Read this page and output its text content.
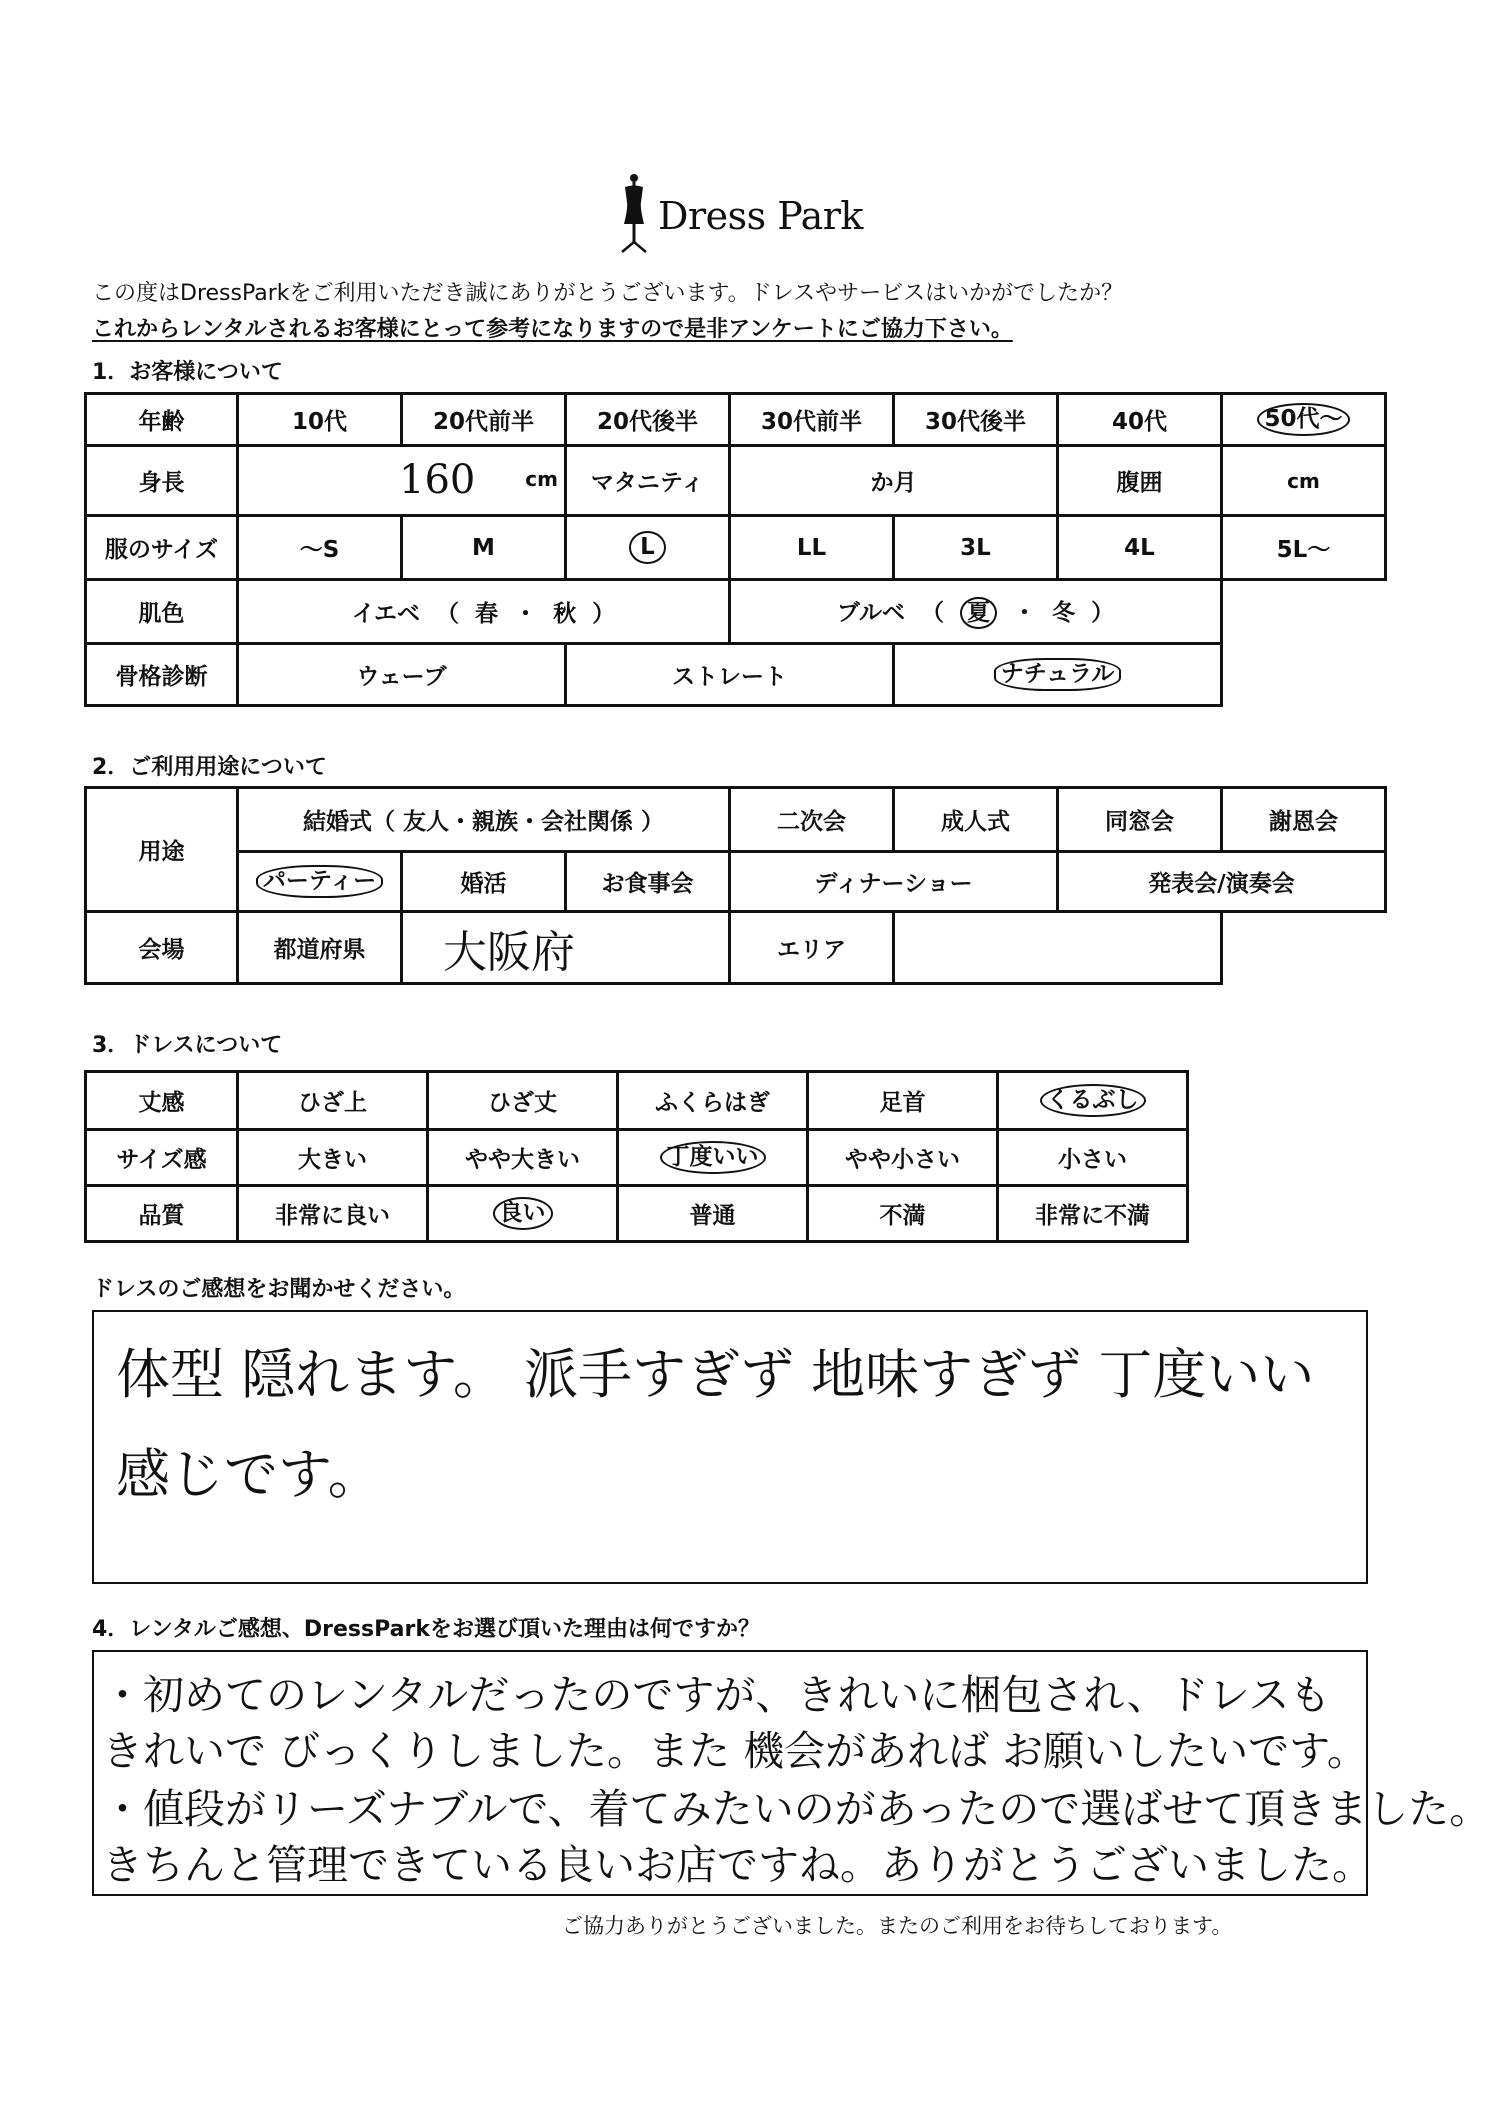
Dress Park
この度はDressParkをご利用いただき誠にありがとうございます。ドレスやサービスはいかがでしたか？
これからレンタルされるお客様にとって参考になりますので是非アンケートにご協力下さい。
1．お客様について
年齢	10代	20代前半	20代後半	30代前半	30代後半	40代	50代～
身長	160 cm		マタニティ	か月		腹囲	cm
服のサイズ	～S	M	L	LL	3L	4L	5L～
肌色	イエベ （ 春 ・ 秋 ）			ブルベ （ 夏 ・ 冬 ）			
骨格診断	ウェーブ		ストレート		ナチュラル		
2．ご利用用途について
用途	結婚式（ 友人・親族・会社関係 ）			二次会	成人式	同窓会	謝恩会
	パーティー	婚活	お食事会	ディナーショー		発表会/演奏会	
会場	都道府県	大阪府		エリア			
3．ドレスについて
丈感	ひざ上	ひざ丈	ふくらはぎ	足首	くるぶし
サイズ感	大きい	やや大きい	丁度いい	やや小さい	小さい
品質	非常に良い	良い	普通	不満	非常に不満
ドレスのご感想をお聞かせください。
体型 隠れます。 派手すぎず 地味すぎず 丁度いい
感じです。
4．レンタルご感想、DressParkをお選び頂いた理由は何ですか？
・初めてのレンタルだったのですが、きれいに梱包され、ドレスも
きれいで びっくりしました。また 機会があれば お願いしたいです。
・値段がリーズナブルで、着てみたいのがあったので選ばせて頂きました。
きちんと管理できている良いお店ですね。ありがとうございました。
ご協力ありがとうございました。またのご利用をお待ちしております。
